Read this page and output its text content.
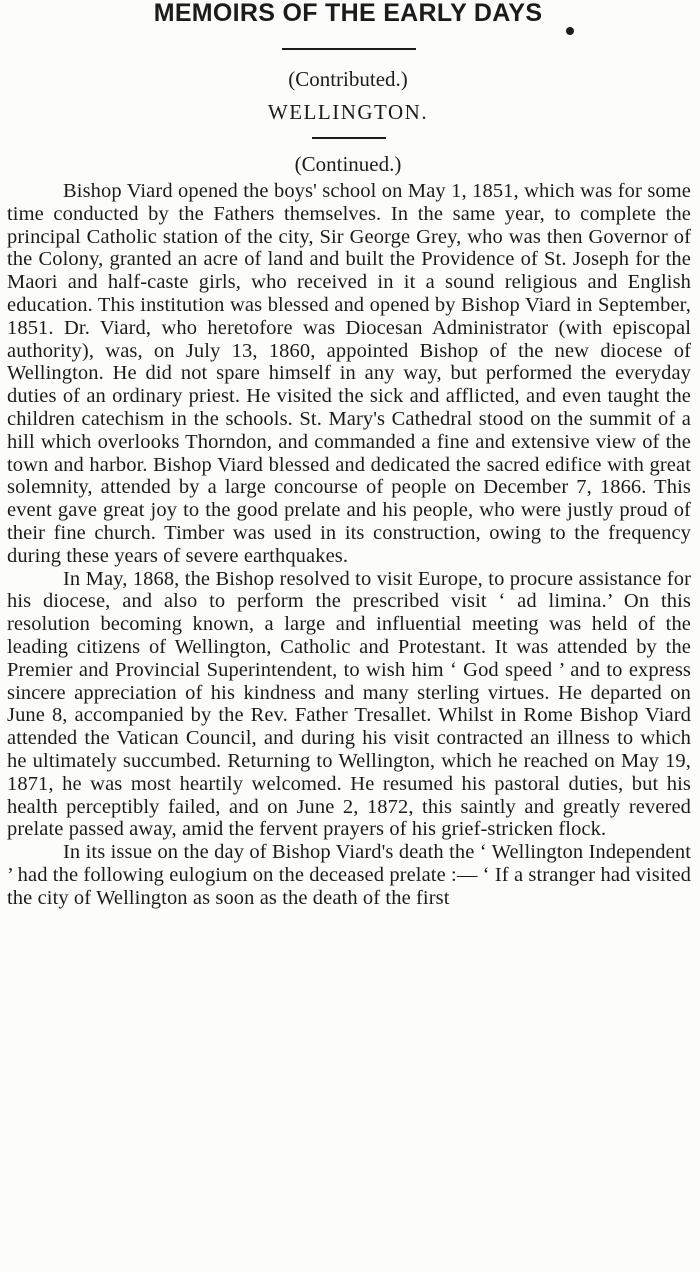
MEMOIRS OF THE EARLY DAYS

(Contributed.)

WELLINGTON.

(Continued.)

Bishop Viard opened the boys' school on May 1, 1851, which was for some time conducted by the Fathers themselves. In the same year, to complete the principal Catholic station of the city, Sir George Grey, who was then Governor of the Colony, granted an acre of land and built the Providence of St. Joseph for the Maori and half-caste girls, who received in it a sound religious and English education. This institution was blessed and opened by Bishop Viard in September, 1851. Dr. Viard, who heretofore was Diocesan Administrator (with episcopal authority), was, on July 13, 1860, appointed Bishop of the new diocese of Wellington. He did not spare himself in any way, but performed the everyday duties of an ordinary priest. He visited the sick and afflicted, and even taught the children catechism in the schools. St. Mary's Cathedral stood on the summit of a hill which overlooks Thorndon, and commanded a fine and extensive view of the town and harbor. Bishop Viard blessed and dedicated the sacred edifice with great solemnity, attended by a large concourse of people on December 7, 1866. This event gave great joy to the good prelate and his people, who were justly proud of their fine church. Timber was used in its construction, owing to the frequency during these years of severe earthquakes.

In May, 1868, the Bishop resolved to visit Europe, to procure assistance for his diocese, and also to perform the prescribed visit ‘ ad limina.’ On this resolution becoming known, a large and influential meeting was held of the leading citizens of Wellington, Catholic and Protestant. It was attended by the Premier and Provincial Superintendent, to wish him ‘ God speed ’ and to express sincere appreciation of his kindness and many sterling virtues. He departed on June 8, accompanied by the Rev. Father Tresallet. Whilst in Rome Bishop Viard attended the Vatican Council, and during his visit contracted an illness to which he ultimately succumbed. Returning to Wellington, which he reached on May 19, 1871, he was most heartily welcomed. He resumed his pastoral duties, but his health perceptibly failed, and on June 2, 1872, this saintly and greatly revered prelate passed away, amid the fervent prayers of his grief-stricken flock.

In its issue on the day of Bishop Viard's death the ‘ Wellington Independent ’ had the following eulogium on the deceased prelate :— ‘ If a stranger had visited the city of Wellington as soon as the death of the first
